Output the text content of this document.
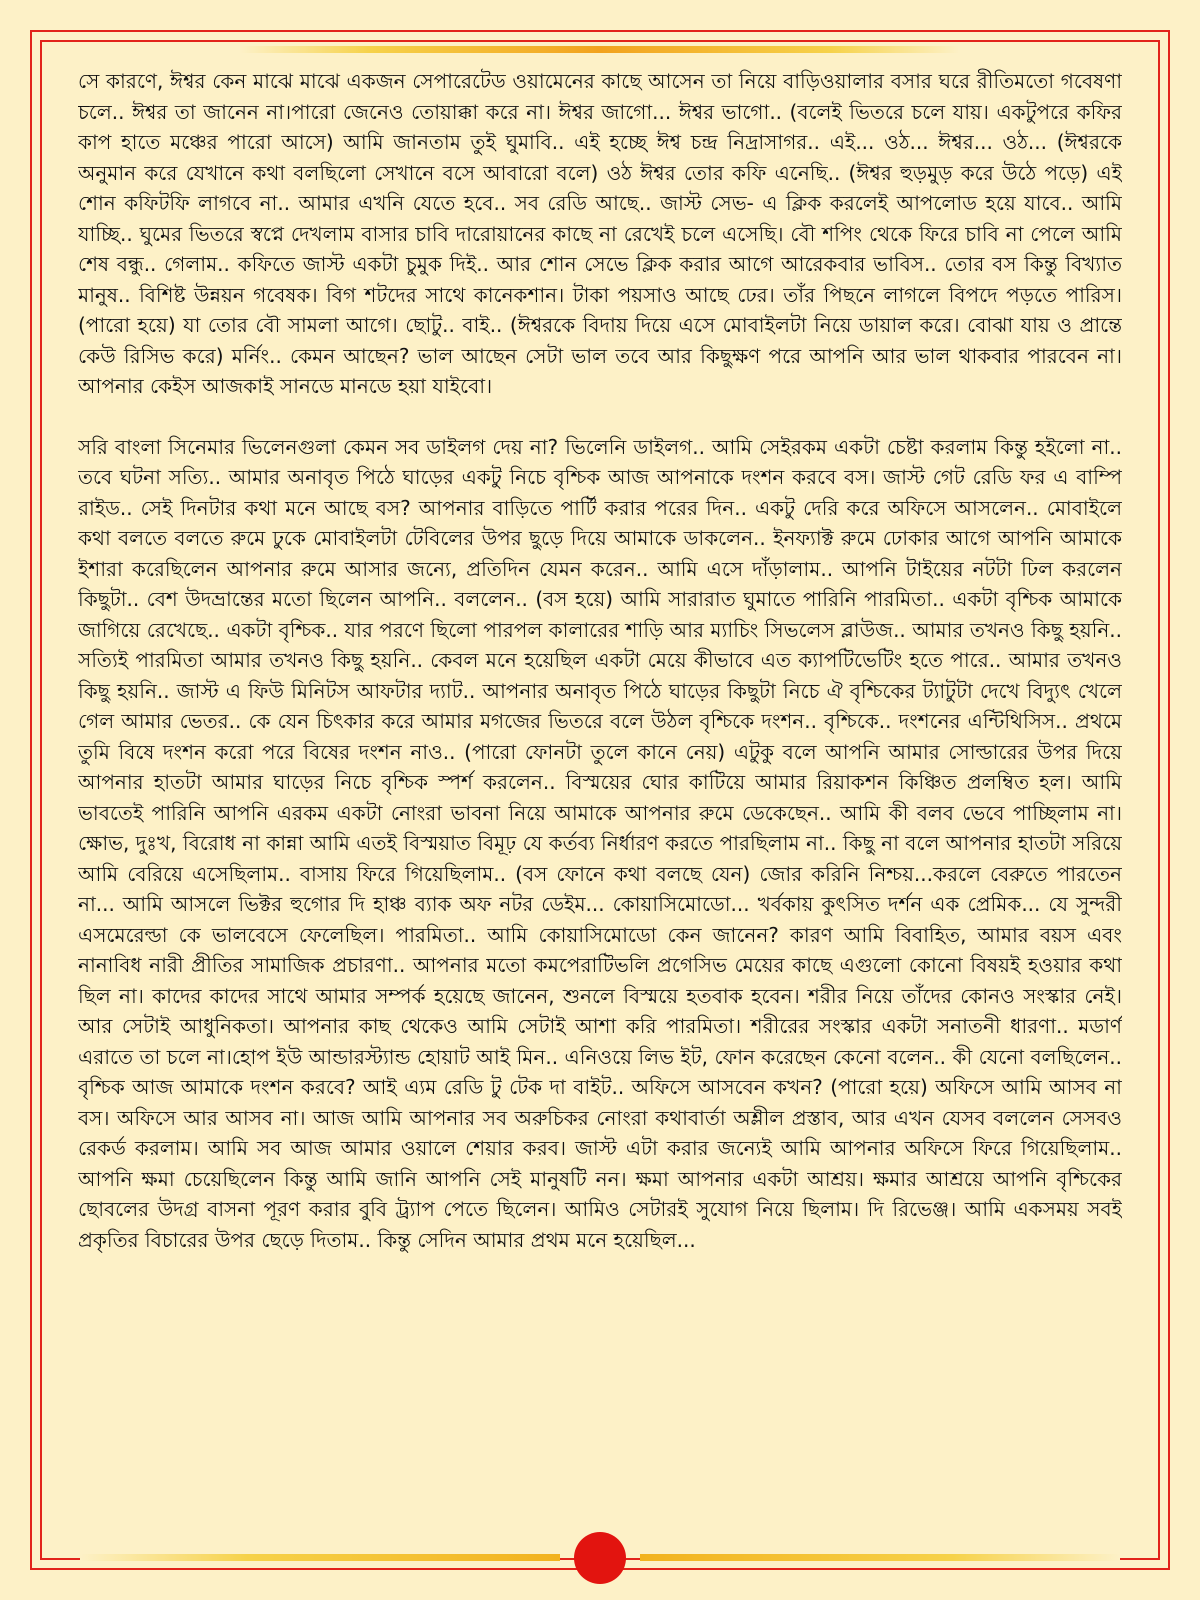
সে কারণে, ঈশ্বর কেন মাঝে মাঝে একজন সেপারেটেড ওয়ামেনের কাছে আসেন তা নিয়ে বাড়িওয়ালার বসার ঘরে রীতিমতো গবেষণা চলে.. ঈশ্বর তা জানেন না।পারো জেনেও তোয়াক্কা করে না। ঈশ্বর জাগো... ঈশ্বর ভাগো.. (বলেই ভিতরে চলে যায়। একটুপরে কফির কাপ হাতে মঞ্চের পারো আসে) আমি জানতাম তুই ঘুমাবি.. এই হচ্ছে ঈশ্ব চন্দ্র নিদ্রাসাগর.. এই... ওঠ... ঈশ্বর... ওঠ... (ঈশ্বরকে অনুমান করে যেখানে কথা বলছিলো সেখানে বসে আবারো বলে) ওঠ ঈশ্বর তোর কফি এনেছি.. (ঈশ্বর হুড়মুড় করে উঠে পড়ে) এই শোন কফিটফি লাগবে না.. আমার এখনি যেতে হবে.. সব রেডি আছে.. জাস্ট সেভ- এ ক্লিক করলেই আপলোড হয়ে যাবে.. আমি যাচ্ছি.. ঘুমের ভিতরে স্বপ্নে দেখলাম বাসার চাবি দারোয়ানের কাছে না রেখেই চলে এসেছি। বৌ শপিং থেকে ফিরে চাবি না পেলে আমি শেষ বন্ধু.. গেলাম.. কফিতে জাস্ট একটা চুমুক দিই.. আর শোন সেভে ক্লিক করার আগে আরেকবার ভাবিস.. তোর বস কিন্তু বিখ্যাত মানুষ.. বিশিষ্ট উন্নয়ন গবেষক। বিগ শটদের সাথে কানেকশান। টাকা পয়সাও আছে ঢের। তাঁর পিছনে লাগলে বিপদে পড়তে পারিস।(পারো হয়ে) যা তোর বৌ সামলা আগে। ছোটু.. বাই.. (ঈশ্বরকে বিদায় দিয়ে এসে মোবাইলটা নিয়ে ডায়াল করে। বোঝা যায় ও প্রান্তে কেউ রিসিভ করে) মর্নিং.. কেমন আছেন? ভাল আছেন সেটা ভাল তবে আর কিছুক্ষণ পরে আপনি আর ভাল থাকবার পারবেন না। আপনার কেইস আজকাই সানডে মানডে হয়া যাইবো।

সরি বাংলা সিনেমার ভিলেনগুলা কেমন সব ডাইলগ দেয় না? ভিলেনি ডাইলগ.. আমি সেইরকম একটা চেষ্টা করলাম কিন্তু হইলো না.. তবে ঘটনা সত্যি.. আমার অনাবৃত পিঠে ঘাড়ের একটু নিচে বৃশ্চিক আজ আপনাকে দংশন করবে বস। জাস্ট গেট রেডি ফর এ বাম্পি রাইড.. সেই দিনটার কথা মনে আছে বস? আপনার বাড়িতে পার্টি করার পরের দিন.. একটু দেরি করে অফিসে আসলেন.. মোবাইলে কথা বলতে বলতে রুমে ঢুকে মোবাইলটা টেবিলের উপর ছুড়ে দিয়ে আমাকে ডাকলেন.. ইনফ্যাক্ট রুমে ঢোকার আগে আপনি আমাকে ইশারা করেছিলেন আপনার রুমে আসার জন্যে, প্রতিদিন যেমন করেন.. আমি এসে দাঁড়ালাম.. আপনি টাইয়ের নটটা ঢিল করলেন কিছুটা.. বেশ উদভ্রান্তের মতো ছিলেন আপনি.. বললেন.. (বস হয়ে) আমি সারারাত ঘুমাতে পারিনি পারমিতা.. একটা বৃশ্চিক আমাকে জাগিয়ে রেখেছে.. একটা বৃশ্চিক.. যার পরণে ছিলো পারপল কালারের শাড়ি আর ম্যাচিং সিভলেস ব্লাউজ.. আমার তখনও কিছু হয়নি.. সত্যিই পারমিতা আমার তখনও কিছু হয়নি.. কেবল মনে হয়েছিল একটা মেয়ে কীভাবে এত ক্যাপটিভেটিং হতে পারে.. আমার তখনও কিছু হয়নি.. জাস্ট এ ফিউ মিনিটস আফটার দ্যাট.. আপনার অনাবৃত পিঠে ঘাড়ের কিছুটা নিচে ঐ বৃশ্চিকের ট্যাটুটা দেখে বিদ্যুৎ খেলে গেল আমার ভেতর.. কে যেন চিৎকার করে আমার মগজের ভিতরে বলে উঠল বৃশ্চিকে দংশন.. বৃশ্চিকে.. দংশনের এন্টিথিসিস.. প্রথমে তুমি বিষে দংশন করো পরে বিষের দংশন নাও.. (পারো ফোনটা তুলে কানে নেয়) এটুকু বলে আপনি আমার সোল্ডারের উপর দিয়ে আপনার হাতটা আমার ঘাড়ের নিচে বৃশ্চিক স্পর্শ করলেন.. বিস্ময়ের ঘোর কাটিয়ে আমার রিয়াকশন কিঞ্চিত প্রলম্বিত হল। আমি ভাবতেই পারিনি আপনি এরকম একটা নোংরা ভাবনা নিয়ে আমাকে আপনার রুমে ডেকেছেন.. আমি কী বলব ভেবে পাচ্ছিলাম না। ক্ষোভ, দুঃখ, বিরোধ না কান্না আমি এতই বিস্ময়াত বিমূঢ় যে কর্তব্য নির্ধারণ করতে পারছিলাম না.. কিছু না বলে আপনার হাতটা সরিয়ে আমি বেরিয়ে এসেছিলাম.. বাসায় ফিরে গিয়েছিলাম.. (বস ফোনে কথা বলছে যেন) জোর করিনি নিশ্চয়...করলে বেরুতে পারতেন না... আমি আসলে ভিক্টর হুগোর দি হাঞ্চ ব্যাক অফ নটর ডেইম... কোয়াসিমোডো... খর্বকায় কুৎসিত দর্শন এক প্রেমিক... যে সুন্দরী এসমেরেল্ডা কে ভালবেসে ফেলেছিল। পারমিতা.. আমি কোয়াসিমোডো কেন জানেন? কারণ আমি বিবাহিত, আমার বয়স এবং নানাবিধ নারী প্রীতির সামাজিক প্রচারণা.. আপনার মতো কমপেরাটিভলি প্রগেসিভ মেয়ের কাছে এগুলো কোনো বিষয়ই হওয়ার কথা ছিল না। কাদের কাদের সাথে আমার সম্পর্ক হয়েছে জানেন, শুনলে বিস্ময়ে হতবাক হবেন। শরীর নিয়ে তাঁদের কোনও সংস্কার নেই। আর সেটাই আধুনিকতা। আপনার কাছ থেকেও আমি সেটাই আশা করি পারমিতা। শরীরের সংস্কার একটা সনাতনী ধারণা.. মডার্ণ এরাতে তা চলে না।হোপ ইউ আন্ডারস্ট্যান্ড হোয়াট আই মিন.. এনিওয়ে লিভ ইট, ফোন করেছেন কেনো বলেন.. কী যেনো বলছিলেন.. বৃশ্চিক আজ আমাকে দংশন করবে? আই এ্যম রেডি টু টেক দা বাইট.. অফিসে আসবেন কখন? (পারো হয়ে) অফিসে আমি আসব না বস। অফিসে আর আসব না। আজ আমি আপনার সব অরুচিকর নোংরা কথাবার্তা অশ্লীল প্রস্তাব, আর এখন যেসব বললেন সেসবও রেকর্ড করলাম। আমি সব আজ আমার ওয়ালে শেয়ার করব। জাস্ট এটা করার জন্যেই আমি আপনার অফিসে ফিরে গিয়েছিলাম.. আপনি ক্ষমা চেয়েছিলেন কিন্তু আমি জানি আপনি সেই মানুষটি নন। ক্ষমা আপনার একটা আশ্রয়। ক্ষমার আশ্রয়ে আপনি বৃশ্চিকের ছোবলের উদগ্র বাসনা পূরণ করার বুবি ট্র্যাপ পেতে ছিলেন। আমিও সেটারই সুযোগ নিয়ে ছিলাম। দি রিভেঞ্জ। আমি একসময় সবই প্রকৃতির বিচারের উপর ছেড়ে দিতাম.. কিন্তু সেদিন আমার প্রথম মনে হয়েছিল...
